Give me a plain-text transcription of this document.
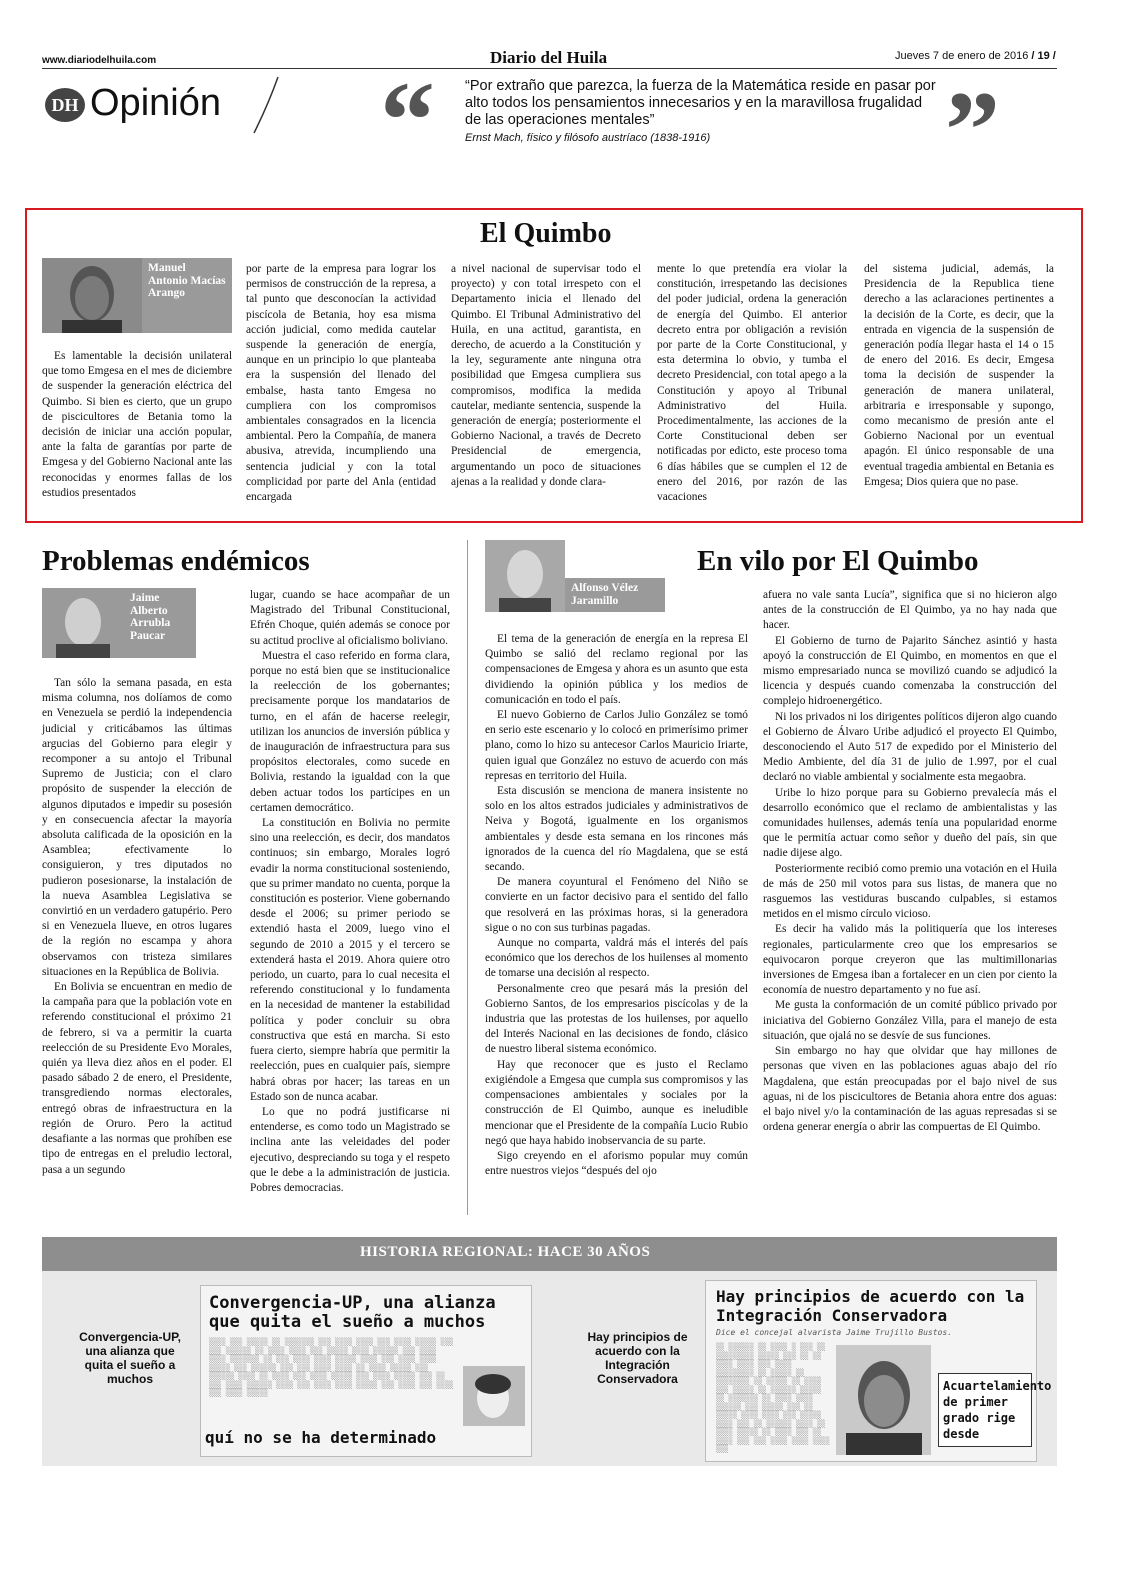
www.diariodelhuila.com	Diario del Huila	Jueves 7 de enero de 2016 / 19 /
DH Opinión “ “Por extraño que parezca, la fuerza de la Matemática reside en pasar por alto todos los pensamientos innecesarios y en la maravillosa frugalidad de las operaciones mentales”
Ernst Mach, físico y filósofo austríaco (1838-1916) ”
El Quimbo
Manuel Antonio Macías Arango

Es lamentable la decisión unilateral que tomo Emgesa en el mes de diciembre de suspender la generación eléctrica del Quimbo. Si bien es cierto, que un grupo de piscicultores de Betania tomo la decisión de iniciar una acción popular, ante la falta de garantías por parte de Emgesa y del Gobierno Nacional ante las reconocidas y enormes fallas de los estudios presentados

por parte de la empresa para lograr los permisos de construcción de la represa, a tal punto que desconocían la actividad piscícola de Betania, hoy esa misma acción judicial, como medida cautelar suspende la generación de energía, aunque en un principio lo que planteaba era la suspensión del llenado del embalse, hasta tanto Emgesa no cumpliera con los compromisos ambientales consagrados en la licencia ambiental. Pero la Compañía, de manera abusiva, atrevida, incumpliendo una sentencia judicial y con la total complicidad por parte del Anla (entidad encargada

a nivel nacional de supervisar todo el proyecto) y con total irrespeto con el Departamento inicia el llenado del Quimbo. El Tribunal Administrativo del Huila, en una actitud, garantista, en derecho, de acuerdo a la Constitución y la ley, seguramente ante ninguna otra posibilidad que Emgesa cumpliera sus compromisos, modifica la medida cautelar, mediante sentencia, suspende la generación de energía; posteriormente el Gobierno Nacional, a través de Decreto Presidencial de emergencia, argumentando un poco de situaciones ajenas a la realidad y donde clara-

mente lo que pretendía era violar la constitución, irrespetando las decisiones del poder judicial, ordena la generación de energía del Quimbo. El anterior decreto entra por obligación a revisión por parte de la Corte Constitucional, y esta determina lo obvio, y tumba el decreto Presidencial, con total apego a la Constitución y apoyo al Tribunal Administrativo del Huila. Procedimentalmente, las acciones de la Corte Constitucional deben ser notificadas por edicto, este proceso toma 6 días hábiles que se cumplen el 12 de enero del 2016, por razón de las vacaciones

del sistema judicial, además, la Presidencia de la Republica tiene derecho a las aclaraciones pertinentes a la decisión de la Corte, es decir, que la entrada en vigencia de la suspensión de generación podía llegar hasta el 14 o 15 de enero del 2016. Es decir, Emgesa toma la decisión de suspender la generación de manera unilateral, arbitraria e irresponsable y supongo, como mecanismo de presión ante el Gobierno Nacional por un eventual apagón. El único responsable de una eventual tragedia ambiental en Betania es Emgesa; Dios quiera que no pase.

Problemas endémicos
Jaime Alberto Arrubla Paucar

Tan sólo la semana pasada, en esta misma columna, nos dolíamos de como en Venezuela se perdió la independencia judicial y criticábamos las últimas argucias del Gobierno para elegir y recomponer a su antojo el Tribunal Supremo de Justicia; con el claro propósito de suspender la elección de algunos diputados e impedir su posesión y en consecuencia afectar la mayoría absoluta calificada de la oposición en la Asamblea; efectivamente lo consiguieron, y tres diputados no pudieron posesionarse, la instalación de la nueva Asamblea Legislativa se convirtió en un verdadero gatupério. Pero si en Venezuela llueve, en otros lugares de la región no escampa y ahora observamos con tristeza similares situaciones en la República de Bolivia.

En Bolivia se encuentran en medio de la campaña para que la población vote en referendo constitucional el próximo 21 de febrero, si va a permitir la cuarta reelección de su Presidente Evo Morales, quién ya lleva diez años en el poder. El pasado sábado 2 de enero, el Presidente, transgrediendo normas electorales, entregó obras de infraestructura en la región de Oruro. Pero la actitud desafiante a las normas que prohíben ese tipo de entregas en el preludio lectoral, pasa a un segundo

lugar, cuando se hace acompañar de un Magistrado del Tribunal Constitucional, Efrén Choque, quién además se conoce por su actitud proclive al oficialismo boliviano.

Muestra el caso referido en forma clara, porque no está bien que se institucionalice la reelección de los gobernantes; precisamente porque los mandatarios de turno, en el afán de hacerse reelegir, utilizan los anuncios de inversión pública y de inauguración de infraestructura para sus propósitos electorales, como sucede en Bolivia, restando la igualdad con la que deben actuar todos los partícipes en un certamen democrático.

La constitución en Bolivia no permite sino una reelección, es decir, dos mandatos continuos; sin embargo, Morales logró evadir la norma constitucional sosteniendo, que su primer mandato no cuenta, porque la constitución es posterior. Viene gobernando desde el 2006; su primer periodo se extendió hasta el 2009, luego vino el segundo de 2010 a 2015 y el tercero se extenderá hasta el 2019. Ahora quiere otro periodo, un cuarto, para lo cual necesita el referendo constitucional y lo fundamenta en la necesidad de mantener la estabilidad política y poder concluir su obra constructiva que está en marcha. Si esto fuera cierto, siempre habría que permitir la reelección, pues en cualquier país, siempre habrá obras por hacer; las tareas en un Estado son de nunca acabar.

Lo que no podrá justificarse ni entenderse, es como todo un Magistrado se inclina ante las veleidades del poder ejecutivo, despreciando su toga y el respeto que le debe a la administración de justicia. Pobres democracias.

En vilo por El Quimbo
Alfonso Vélez Jaramillo

El tema de la generación de energía en la represa El Quimbo se salió del reclamo regional por las compensaciones de Emgesa y ahora es un asunto que esta dividiendo la opinión pública y los medios de comunicación en todo el país.

El nuevo Gobierno de Carlos Julio González se tomó en serio este escenario y lo colocó en primerísimo primer plano, como lo hizo su antecesor Carlos Mauricio Iriarte, quien igual que González no estuvo de acuerdo con más represas en territorio del Huila.

Esta discusión se menciona de manera insistente no solo en los altos estrados judiciales y administrativos de Neiva y Bogotá, igualmente en los organismos ambientales y desde esta semana en los rincones más ignorados de la cuenca del río Magdalena, que se está secando.

De manera coyuntural el Fenómeno del Niño se convierte en un factor decisivo para el sentido del fallo que resolverá en las próximas horas, si la generadora sigue o no con sus turbinas pagadas.

Aunque no comparta, valdrá más el interés del país económico que los derechos de los huilenses al momento de tomarse una decisión al respecto.

Personalmente creo que pesará más la presión del Gobierno Santos, de los empresarios piscícolas y de la industria que las protestas de los huilenses, por aquello del Interés Nacional en las decisiones de fondo, clásico de nuestro liberal sistema económico.

Hay que reconocer que es justo el Reclamo exigiéndole a Emgesa que cumpla sus compromisos y las compensaciones ambientales y sociales por la construcción de El Quimbo, aunque es ineludible mencionar que el Presidente de la compañía Lucio Rubio negó que haya habido inobservancia de su parte.

Sigo creyendo en el aforismo popular muy común entre nuestros viejos “después del ojo

afuera no vale santa Lucía”, significa que si no hicieron algo antes de la construcción de El Quimbo, ya no hay nada que hacer.

El Gobierno de turno de Pajarito Sánchez asintió y hasta apoyó la construcción de El Quimbo, en momentos en que el mismo empresariado nunca se movilizó cuando se adjudicó la licencia y después cuando comenzaba la construcción del complejo hidroenergético.

Ni los privados ni los dirigentes políticos dijeron algo cuando el Gobierno de Álvaro Uribe adjudicó el proyecto El Quimbo, desconociendo el Auto 517 de expedido por el Ministerio del Medio Ambiente, del día 31 de julio de 1.997, por el cual declaró no viable ambiental y socialmente esta megaobra.

Uribe lo hizo porque para su Gobierno prevalecía más el desarrollo económico que el reclamo de ambientalistas y las comunidades huilenses, además tenía una popularidad enorme que le permitía actuar como señor y dueño del país, sin que nadie dijese algo.

Posteriormente recibió como premio una votación en el Huila de más de 250 mil votos para sus listas, de manera que no rasguemos las vestiduras buscando culpables, si estamos metidos en el mismo círculo vicioso.

Es decir ha valido más la politiquería que los intereses regionales, particularmente creo que los empresarios se equivocaron porque creyeron que las multimillonarias inversiones de Emgesa iban a fortalecer en un cien por ciento la economía de nuestro departamento y no fue así.

Me gusta la conformación de un comité público privado por iniciativa del Gobierno González Villa, para el manejo de esta situación, que ojalá no se desvíe de sus funciones.

Sin embargo no hay que olvidar que hay millones de personas que viven en las poblaciones aguas abajo del río Magdalena, que están preocupadas por el bajo nivel de sus aguas, ni de los piscicultores de Betania ahora entre dos aguas: el bajo nivel y/o la contaminación de las aguas represadas si se ordena generar energía o abrir las compuertas de El Quimbo.

HISTORIA REGIONAL: HACE 30 AÑOS
Convergencia-UP, una alianza que quita el sueño a muchos
Convergencia-UP, una alianza que quita el sueño a muchos
░░░░ ░░░ ░░░░░ ░░ ░░░░░░░ ░░░ ░░░░ ░░░░ ░░░ ░░░░ ░░░░░ ░░░ ░░░ ░░░░░░ ░░ ░░░░ ░░░░ ░░░ ░░░░░ ░░░░ ░░░░░░ ░░░ ░░░░ ░░░░ ░░░░░░░ ░░ ░░░ ░░░░ ░░░░ ░░░░░ ░░░░ ░░░ ░░░░ ░░░░ ░░░░░ ░░░ ░░░░░░ ░░░ ░░░ ░░░░ ░░░░ ░░ ░░░░ ░░░░░ ░░░ ░░░░░░ ░░░░ ░░ ░░░░ ░░░ ░░░░ ░░░░░ ░░░ ░░░░ ░░░░░ ░░░ ░░ ░░░ ░░░░ ░░░░░░ ░░░░ ░░░ ░░░░ ░░░░ ░░░░░ ░░░ ░░░░ ░░░ ░░░░ ░░░ ░░░░ ░░░░░
quí no se ha determinado
Hay principios de acuerdo con la Integración Conservadora
Hay principios de acuerdo con la Integración Conservadora
Dice el concejal alvarista Jaime Trujillo Bustos.
░░ ░░░░░░ ░░ ░░░░ ░ ░░░ ░░ ░░░░░░░░░ ░░░░░ ░░░ ░░ ░░ ░░░░ ░░░░ ░░░ ░░░░ ░░░░░░░░░ ░░ ░░░░░ ░░ ░░░░░░░░ ░░ ░░░░░ ░░ ░░░░ ░░░ ░░░░░ ░░ ░░░░░░ ░░░░░ ░░ ░░░░░░░ ░░ ░░░░ ░░░░ ░░░░░░ ░░░ ░░░░░ ░░░ ░░ ░░░░░ ░░░░ ░░░░ ░░░ ░░░░░ ░░░░ ░░░ ░░ ░░░░░░ ░░░░ ░░ ░░░░ ░░░░░ ░░ ░░░░ ░░░ ░░ ░░░░ ░░░ ░░░ ░░░░ ░░░░ ░░░░ ░░░
Acuartelamiento de primer grado rige desde
